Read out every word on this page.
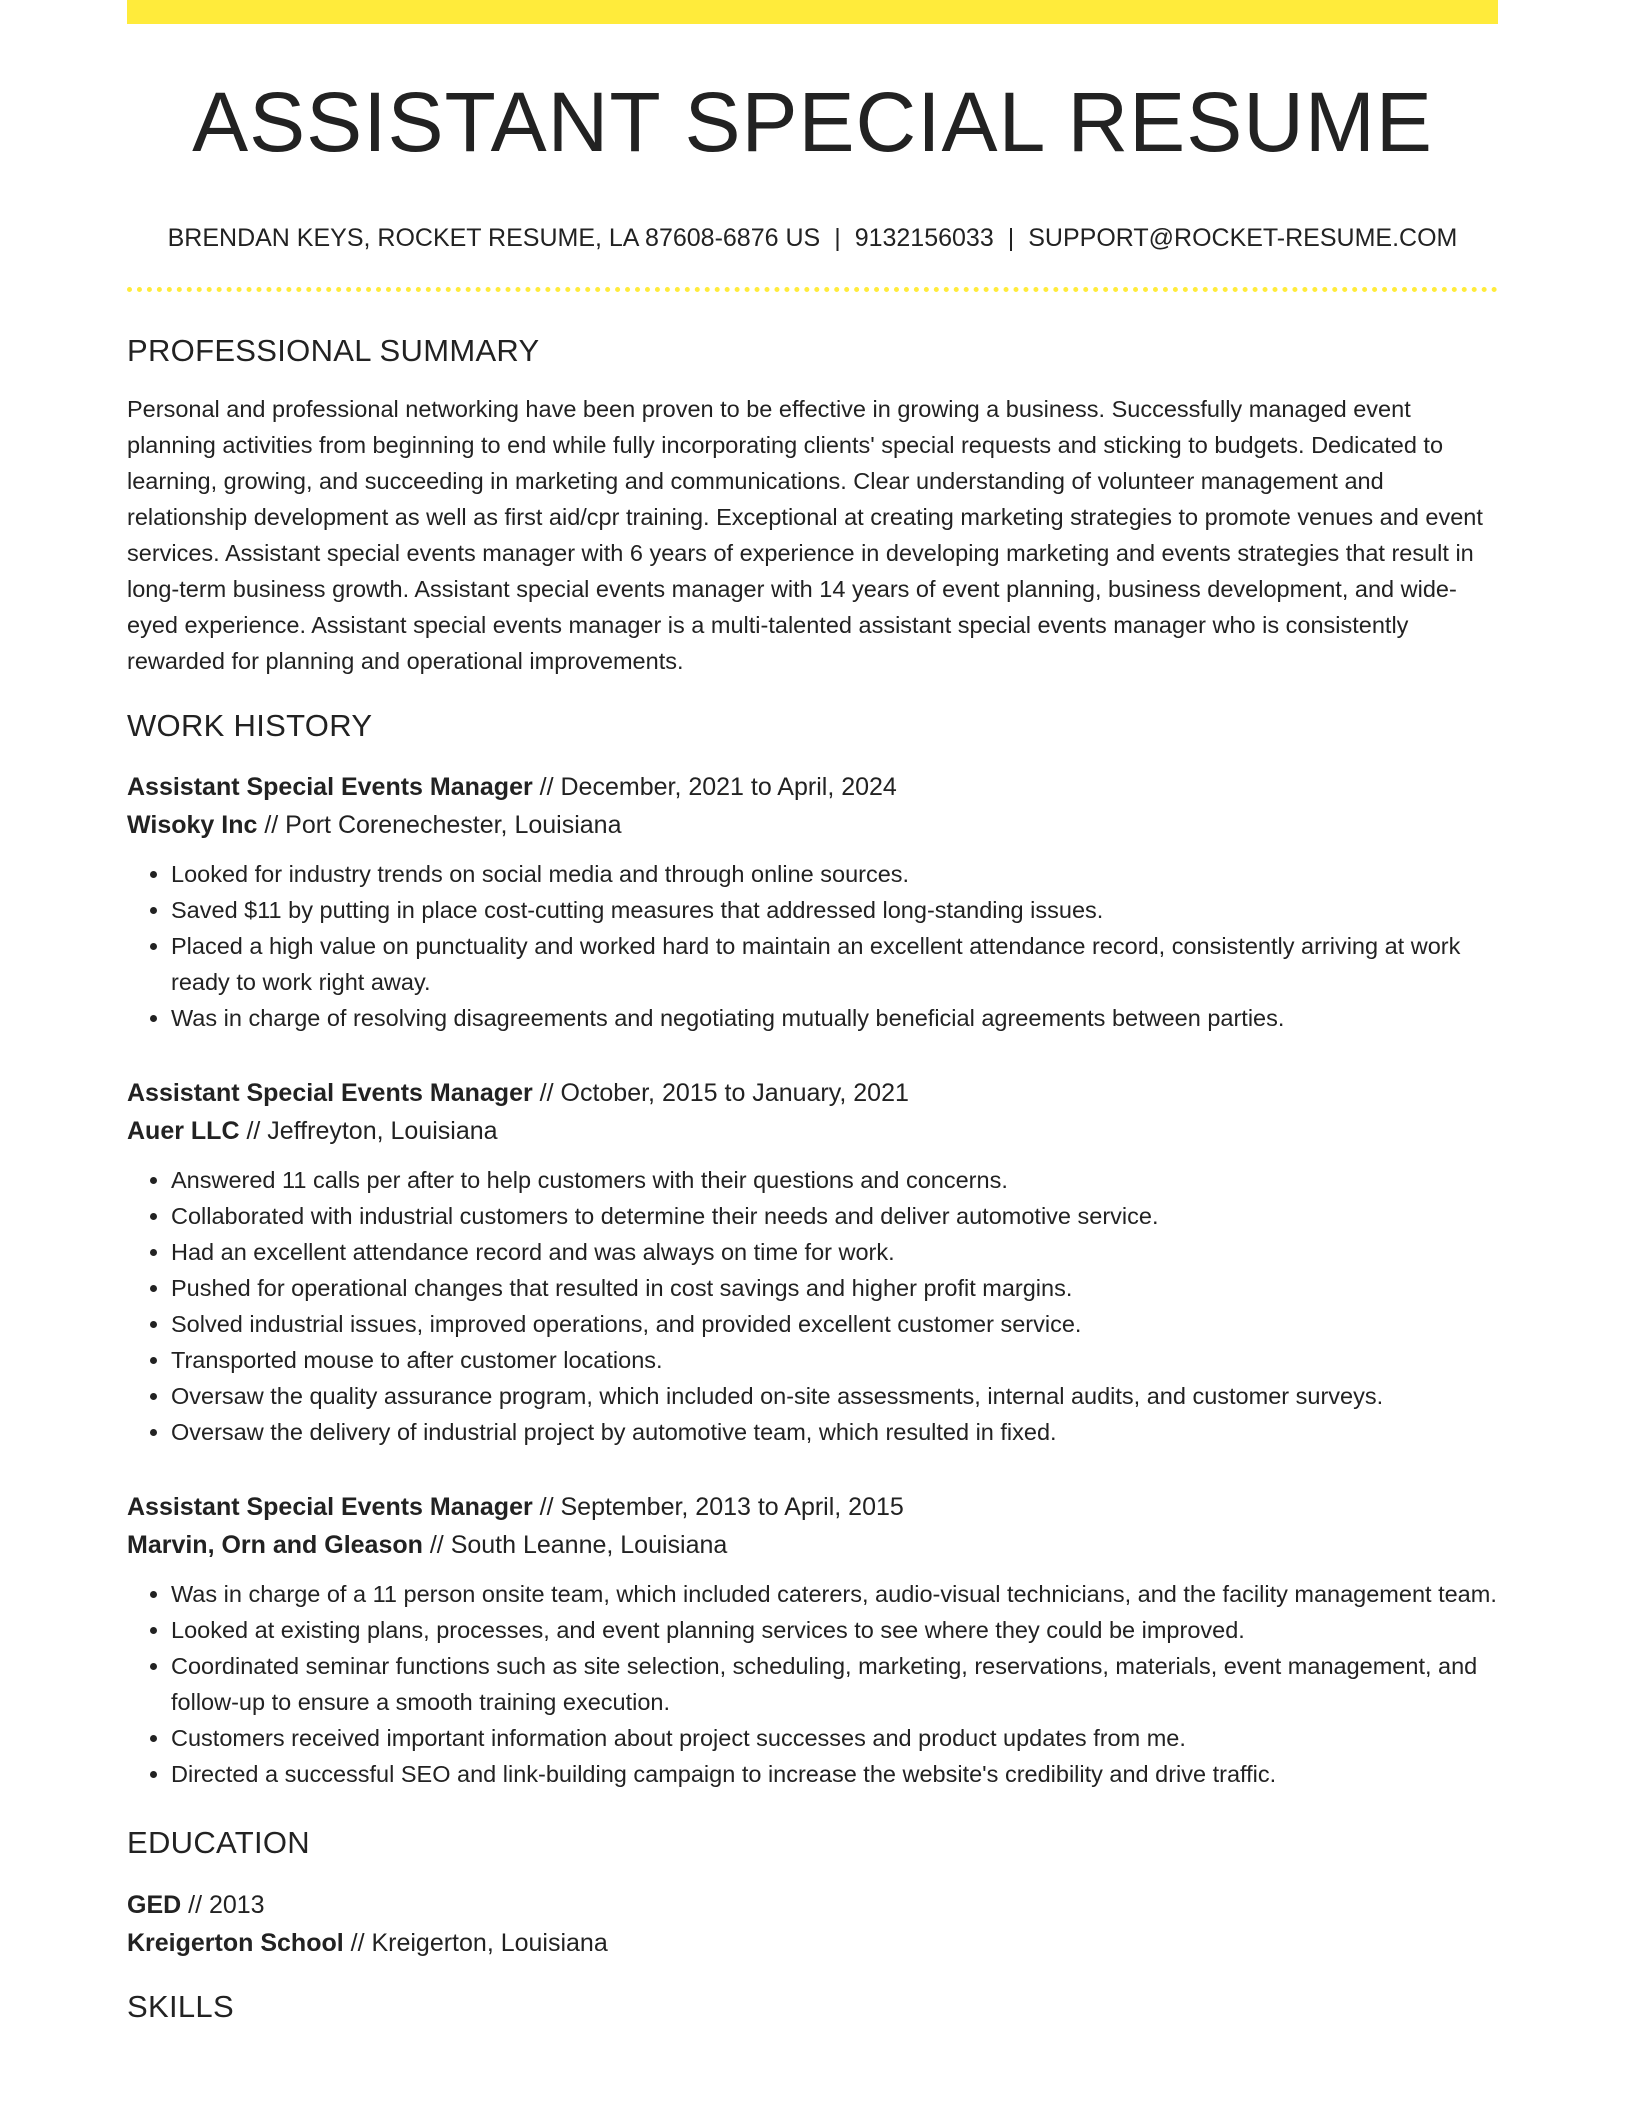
ASSISTANT SPECIAL RESUME
BRENDAN KEYS, ROCKET RESUME, LA 87608-6876 US | 9132156033 | SUPPORT@ROCKET-RESUME.COM
PROFESSIONAL SUMMARY

Personal and professional networking have been proven to be effective in growing a business. Successfully managed event planning activities from beginning to end while fully incorporating clients' special requests and sticking to budgets. Dedicated to learning, growing, and succeeding in marketing and communications. Clear understanding of volunteer management and relationship development as well as first aid/cpr training. Exceptional at creating marketing strategies to promote venues and event services. Assistant special events manager with 6 years of experience in developing marketing and events strategies that result in long-term business growth. Assistant special events manager with 14 years of event planning, business development, and wide-eyed experience. Assistant special events manager is a multi-talented assistant special events manager who is consistently rewarded for planning and operational improvements.

WORK HISTORY
Assistant Special Events Manager // December, 2021 to April, 2024
Wisoky Inc // Port Corenechester, Louisiana
• Looked for industry trends on social media and through online sources.
• Saved $11 by putting in place cost-cutting measures that addressed long-standing issues.
• Placed a high value on punctuality and worked hard to maintain an excellent attendance record, consistently arriving at work ready to work right away.
• Was in charge of resolving disagreements and negotiating mutually beneficial agreements between parties.
Assistant Special Events Manager // October, 2015 to January, 2021
Auer LLC // Jeffreyton, Louisiana
• Answered 11 calls per after to help customers with their questions and concerns.
• Collaborated with industrial customers to determine their needs and deliver automotive service.
• Had an excellent attendance record and was always on time for work.
• Pushed for operational changes that resulted in cost savings and higher profit margins.
• Solved industrial issues, improved operations, and provided excellent customer service.
• Transported mouse to after customer locations.
• Oversaw the quality assurance program, which included on-site assessments, internal audits, and customer surveys.
• Oversaw the delivery of industrial project by automotive team, which resulted in fixed.
Assistant Special Events Manager // September, 2013 to April, 2015
Marvin, Orn and Gleason // South Leanne, Louisiana
• Was in charge of a 11 person onsite team, which included caterers, audio-visual technicians, and the facility management team.
• Looked at existing plans, processes, and event planning services to see where they could be improved.
• Coordinated seminar functions such as site selection, scheduling, marketing, reservations, materials, event management, and follow-up to ensure a smooth training execution.
• Customers received important information about project successes and product updates from me.
• Directed a successful SEO and link-building campaign to increase the website's credibility and drive traffic.
EDUCATION
GED // 2013
Kreigerton School // Kreigerton, Louisiana
SKILLS
